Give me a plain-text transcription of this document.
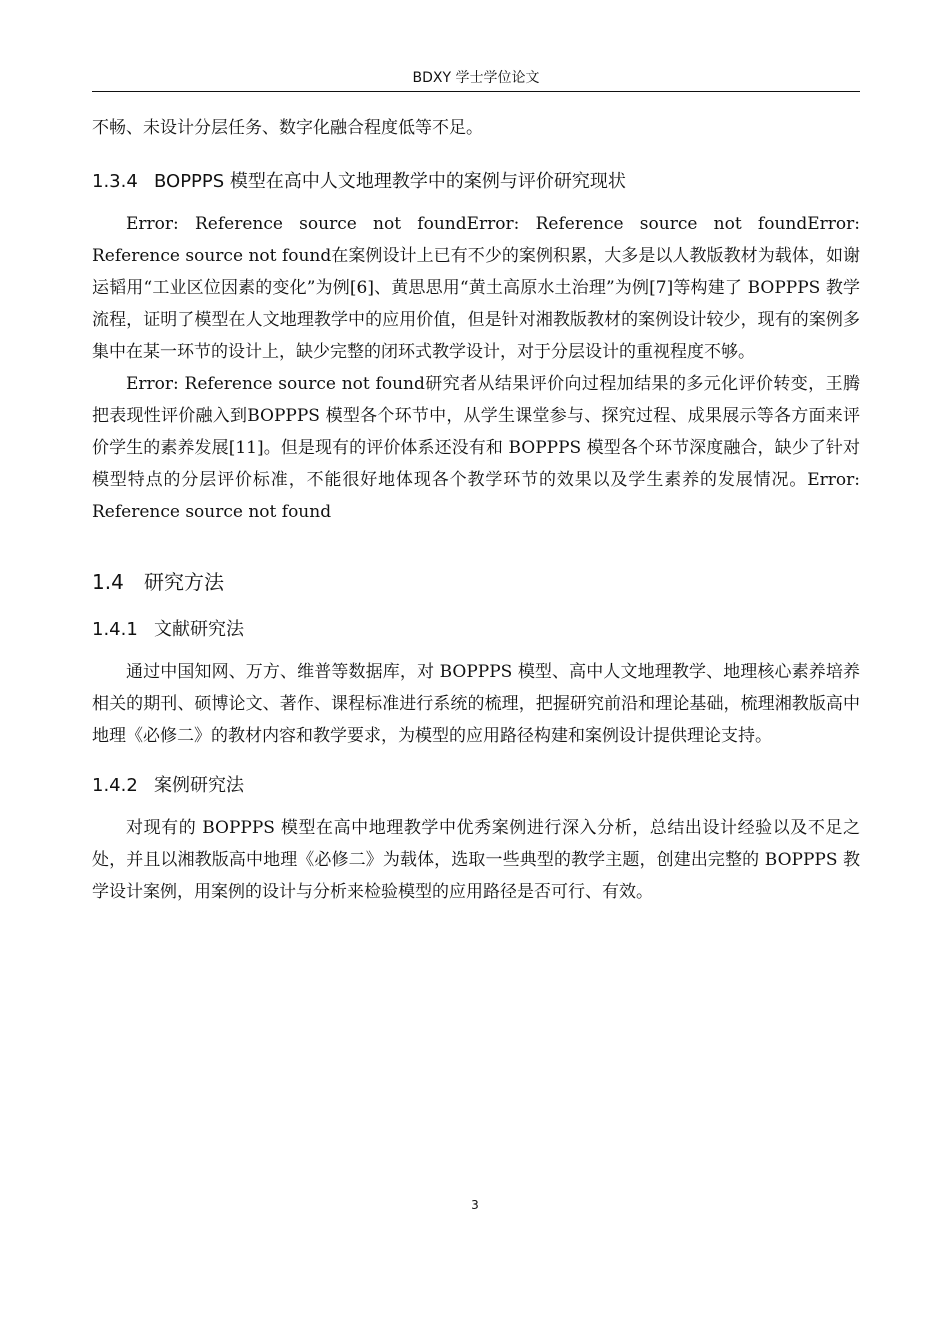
BDXY 学士学位论文

不畅、未设计分层任务、数字化融合程度低等不足。

1.3.4 BOPPPS 模型在高中人文地理教学中的案例与评价研究现状

Error: Reference source not foundError: Reference source not foundError: Reference source not found在案例设计上已有不少的案例积累，大多是以人教版教材为载体，如谢运韬用“工业区位因素的变化”为例[6]、黄思思用“黄土高原水土治理”为例[7]等构建了 BOPPPS 教学流程，证明了模型在人文地理教学中的应用价值，但是针对湘教版教材的案例设计较少，现有的案例多集中在某一环节的设计上，缺少完整的闭环式教学设计，对于分层设计的重视程度不够。

Error: Reference source not found研究者从结果评价向过程加结果的多元化评价转变，王腾把表现性评价融入到BOPPPS 模型各个环节中，从学生课堂参与、探究过程、成果展示等各方面来评价学生的素养发展[11]。但是现有的评价体系还没有和 BOPPPS 模型各个环节深度融合，缺少了针对模型特点的分层评价标准，不能很好地体现各个教学环节的效果以及学生素养的发展情况。Error: Reference source not found

1.4 研究方法
1.4.1 文献研究法

通过中国知网、万方、维普等数据库，对 BOPPPS 模型、高中人文地理教学、地理核心素养培养相关的期刊、硕博论文、著作、课程标准进行系统的梳理，把握研究前沿和理论基础，梳理湘教版高中地理《必修二》的教材内容和教学要求，为模型的应用路径构建和案例设计提供理论支持。

1.4.2 案例研究法

对现有的 BOPPPS 模型在高中地理教学中优秀案例进行深入分析，总结出设计经验以及不足之处，并且以湘教版高中地理《必修二》为载体，选取一些典型的教学主题，创建出完整的 BOPPPS 教学设计案例，用案例的设计与分析来检验模型的应用路径是否可行、有效。

3
